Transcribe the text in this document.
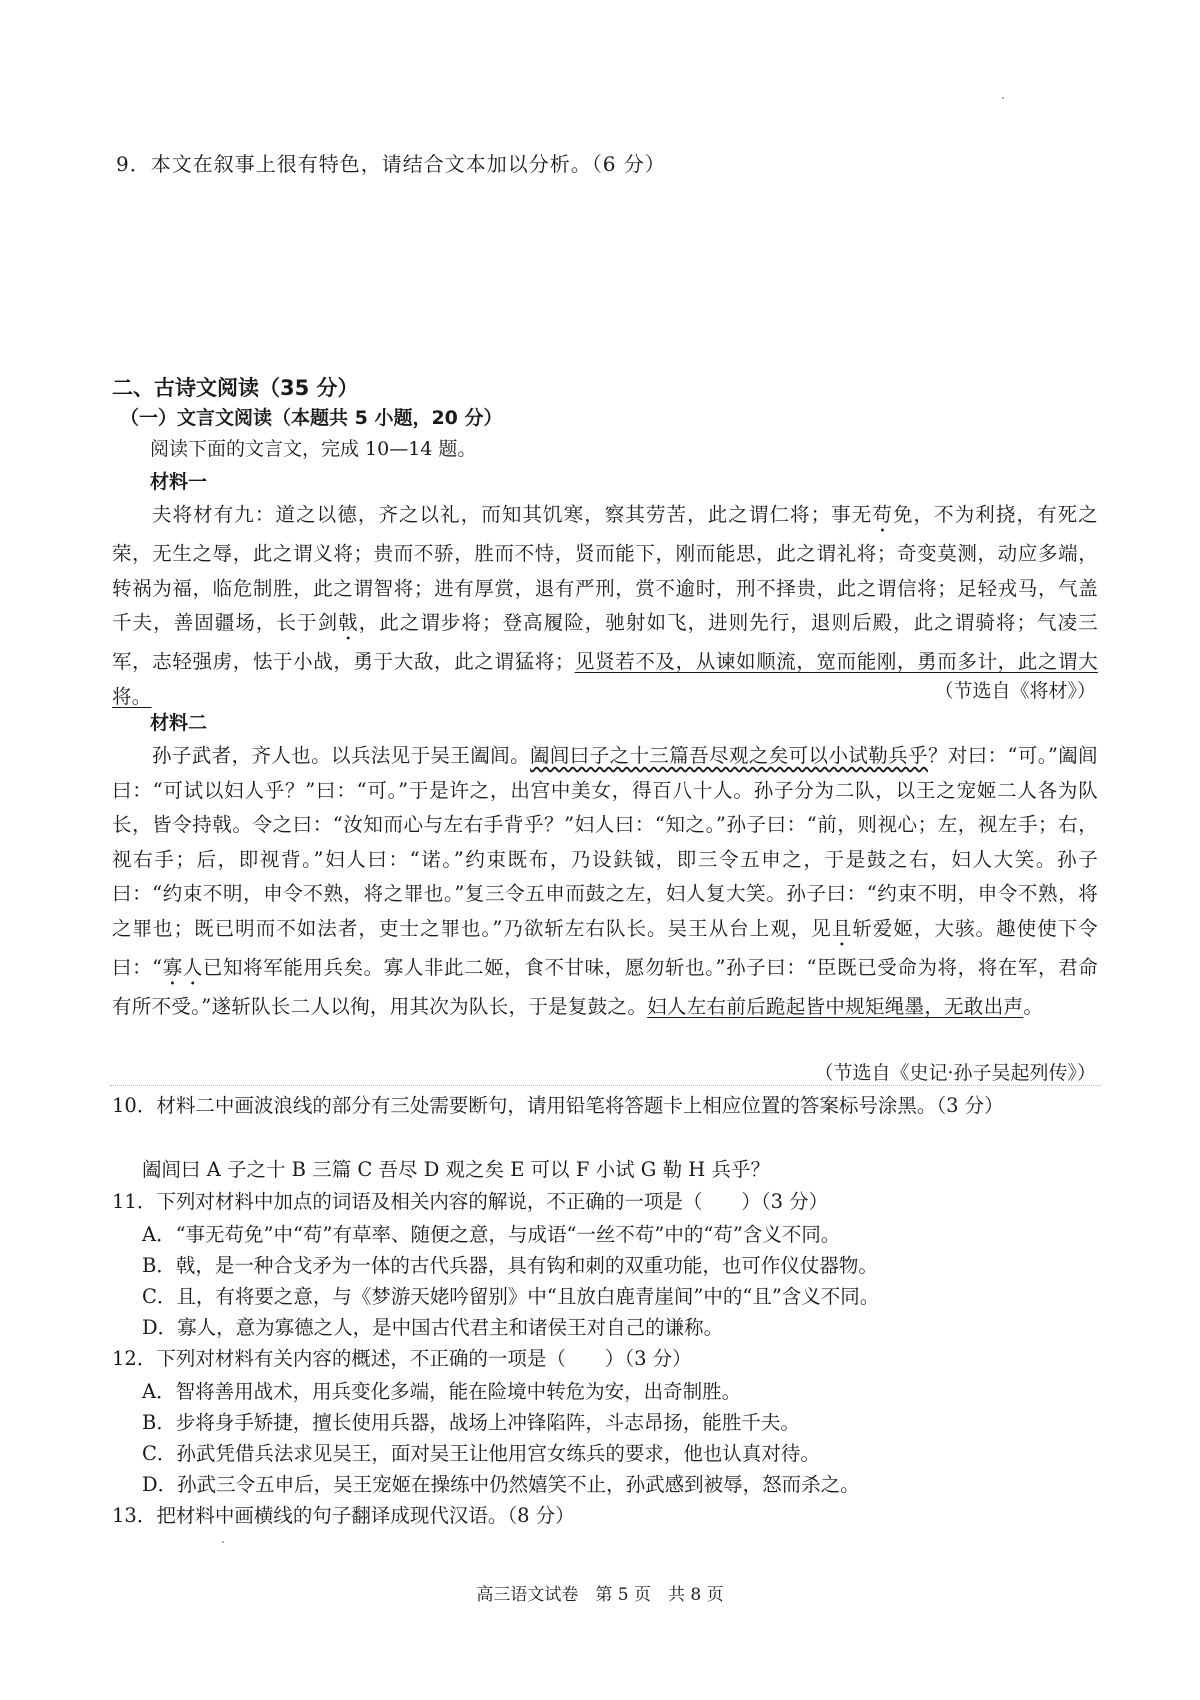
9．本文在叙事上很有特色，请结合文本加以分析。（6 分）
二、古诗文阅读（35 分）
（一）文言文阅读（本题共 5 小题，20 分）
阅读下面的文言文，完成 10—14 题。
材料一
夫将材有九：道之以德，齐之以礼，而知其饥寒，察其劳苦，此之谓仁将；事无苟免，不为利挠，有死之荣，无生之辱，此之谓义将；贵而不骄，胜而不恃，贤而能下，刚而能思，此之谓礼将；奇变莫测，动应多端，转祸为福，临危制胜，此之谓智将；进有厚赏，退有严刑，赏不逾时，刑不择贵，此之谓信将；足轻戎马，气盖千夫，善固疆场，长于剑戟，此之谓步将；登高履险，驰射如飞，进则先行，退则后殿，此之谓骑将；气凌三军，志轻强虏，怯于小战，勇于大敌，此之谓猛将；见贤若不及，从谏如顺流，宽而能刚，勇而多计，此之谓大将。	（节选自《将材》）
材料二
孙子武者，齐人也。以兵法见于吴王阖闾。阖闾曰子之十三篇吾尽观之矣可以小试勒兵乎？对曰：“可。”阖闾曰：“可试以妇人乎？”曰：“可。”于是许之，出宫中美女，得百八十人。孙子分为二队，以王之宠姬二人各为队长，皆令持戟。令之曰：“汝知而心与左右手背乎？”妇人曰：“知之。”孙子曰：“前，则视心；左，视左手；右，视右手；后，即视背。”妇人曰：“诺。”约束既布，乃设鈇钺，即三令五申之，于是鼓之右，妇人大笑。孙子曰：“约束不明，申令不熟，将之罪也。”复三令五申而鼓之左，妇人复大笑。孙子曰：“约束不明，申令不熟，将之罪也；既已明而不如法者，吏士之罪也。”乃欲斩左右队长。吴王从台上观，见且斩爱姬，大骇。趣使使下令曰：“寡人已知将军能用兵矣。寡人非此二姬，食不甘味，愿勿斩也。”孙子曰：“臣既已受命为将，将在军，君命有所不受。”遂斩队长二人以徇，用其次为队长，于是复鼓之。妇人左右前后跪起皆中规矩绳墨，无敢出声。
（节选自《史记·孙子吴起列传》）
10．材料二中画波浪线的部分有三处需要断句，请用铅笔将答题卡上相应位置的答案标号涂黑。（3 分）
阖闾曰 A 子之十 B 三篇 C 吾尽 D 观之矣 E 可以 F 小试 G 勒 H 兵乎？
11．下列对材料中加点的词语及相关内容的解说，不正确的一项是（　　）（3 分）
A．“事无苟免”中“苟”有草率、随便之意，与成语“一丝不苟”中的“苟”含义不同。
B．戟，是一种合戈矛为一体的古代兵器，具有钩和刺的双重功能，也可作仪仗器物。
C．且，有将要之意，与《梦游天姥吟留别》中“且放白鹿青崖间”中的“且”含义不同。
D．寡人，意为寡德之人，是中国古代君主和诸侯王对自己的谦称。
12．下列对材料有关内容的概述，不正确的一项是（　　）（3 分）
A．智将善用战术，用兵变化多端，能在险境中转危为安，出奇制胜。
B．步将身手矫捷，擅长使用兵器，战场上冲锋陷阵，斗志昂扬，能胜千夫。
C．孙武凭借兵法求见吴王，面对吴王让他用宫女练兵的要求，他也认真对待。
D．孙武三令五申后，吴王宠姬在操练中仍然嬉笑不止，孙武感到被辱，怒而杀之。
13．把材料中画横线的句子翻译成现代汉语。（8 分）
高三语文试卷　第 5 页　共 8 页
